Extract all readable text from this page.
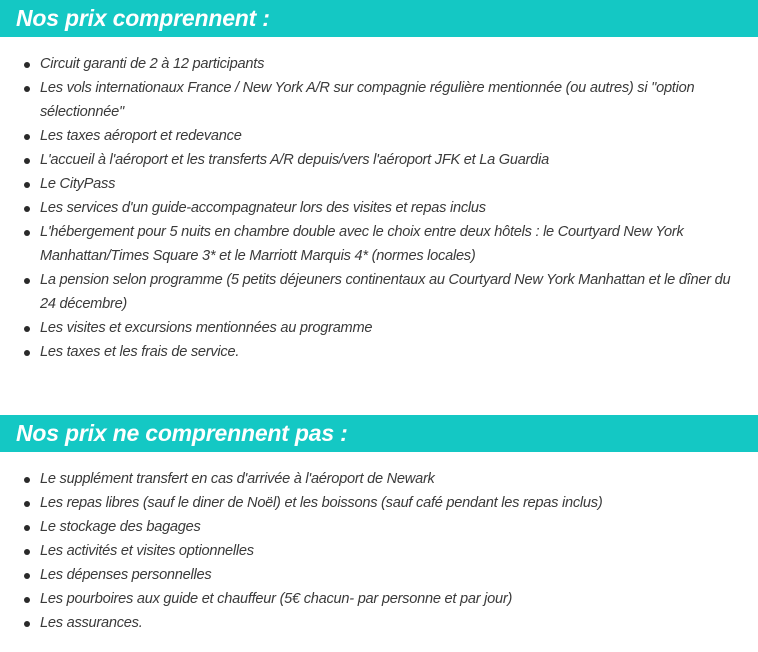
Nos prix comprennent :
Circuit garanti de 2 à 12 participants
Les vols internationaux France / New York A/R sur compagnie régulière mentionnée (ou autres) si "option sélectionnée"
Les taxes aéroport et redevance
L'accueil à l'aéroport et les transferts A/R depuis/vers l'aéroport JFK et La Guardia
Le CityPass
Les services d'un guide-accompagnateur lors des visites et repas inclus
L'hébergement pour 5 nuits en chambre double avec le choix entre deux hôtels : le Courtyard New York Manhattan/Times Square 3* et le Marriott Marquis 4* (normes locales)
La pension selon programme (5 petits déjeuners continentaux au Courtyard New York Manhattan et le dîner du 24 décembre)
Les visites et excursions mentionnées au programme
Les taxes et les frais de service.
Nos prix ne comprennent pas :
Le supplément transfert en cas d'arrivée à l'aéroport de Newark
Les repas libres (sauf le diner de Noël) et les boissons (sauf café pendant les repas inclus)
Le stockage des bagages
Les activités et visites optionnelles
Les dépenses personnelles
Les pourboires aux guide et chauffeur (5€ chacun- par personne et par jour)
Les assurances.
